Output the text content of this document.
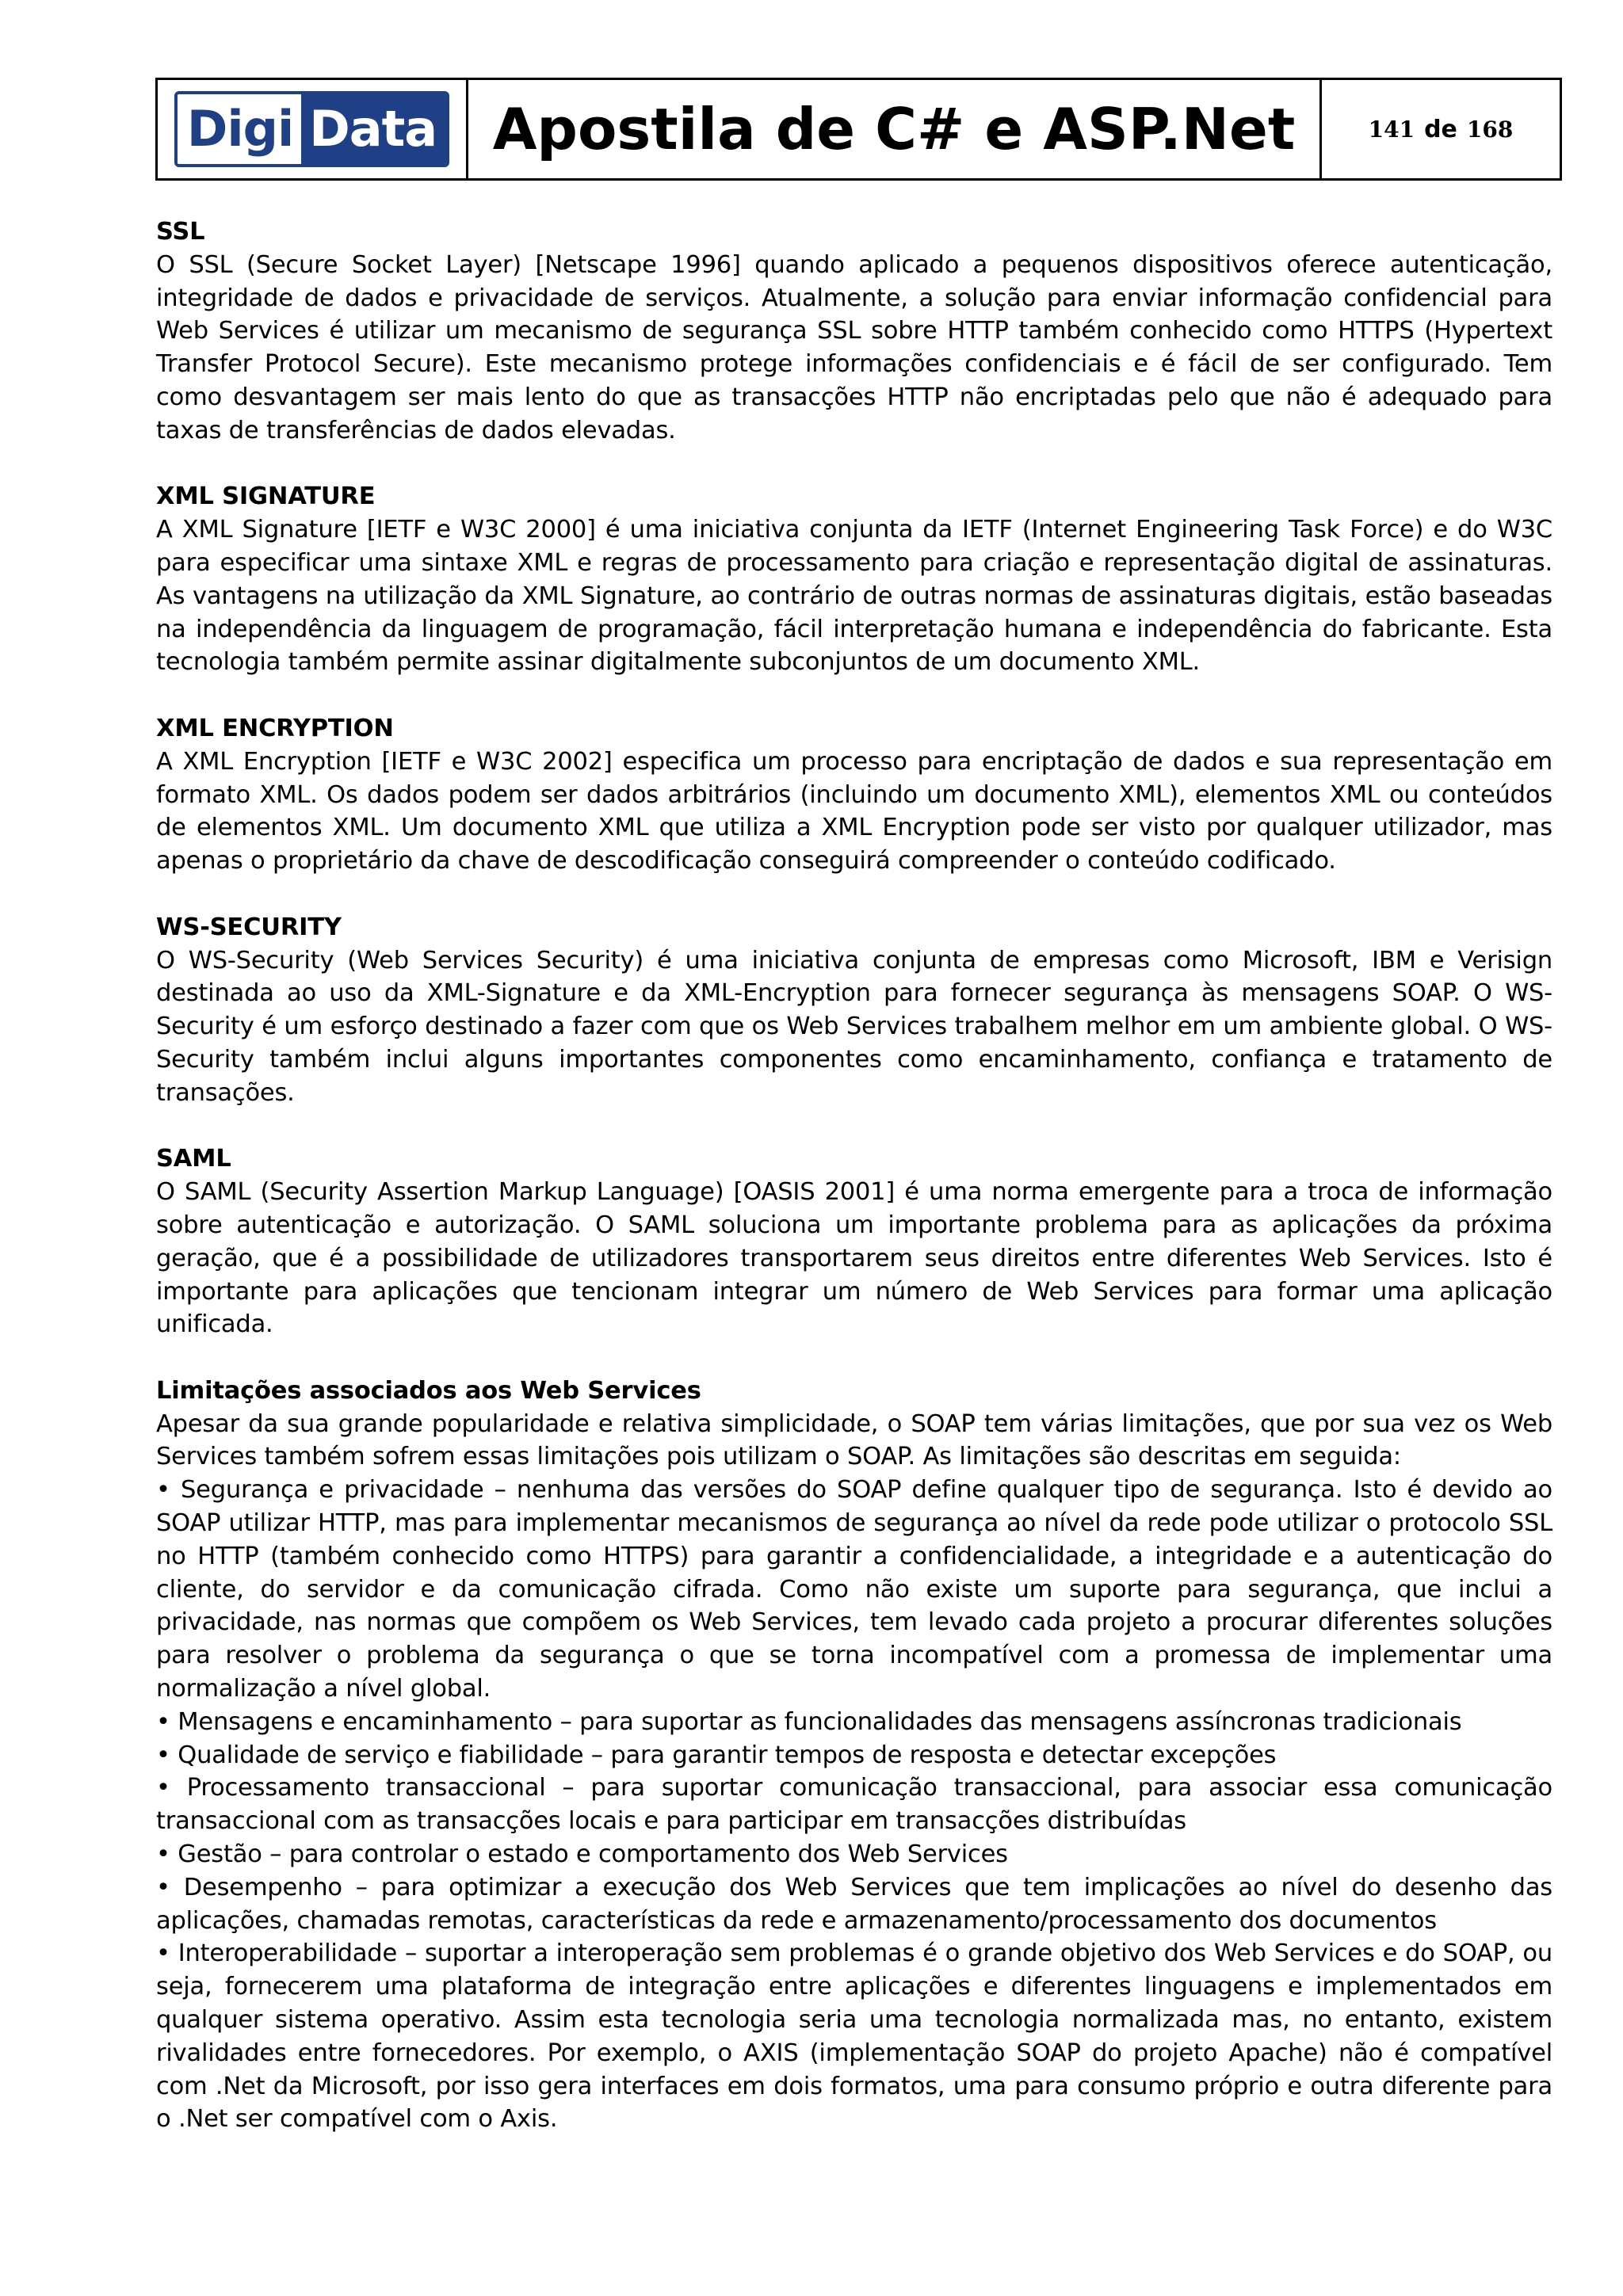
Digi Data Apostila de C# e ASP.Net	141 de 168
SSL
O SSL (Secure Socket Layer) [Netscape 1996] quando aplicado a pequenos dispositivos oferece autenticação, integridade de dados e privacidade de serviços. Atualmente, a solução para enviar informação confidencial para Web Services é utilizar um mecanismo de segurança SSL sobre HTTP também conhecido como HTTPS (Hypertext Transfer Protocol Secure). Este mecanismo protege informações confidenciais e é fácil de ser configurado. Tem como desvantagem ser mais lento do que as transacções HTTP não encriptadas pelo que não é adequado para taxas de transferências de dados elevadas.
XML SIGNATURE
A XML Signature [IETF e W3C 2000] é uma iniciativa conjunta da IETF (Internet Engineering Task Force) e do W3C para especificar uma sintaxe XML e regras de processamento para criação e representação digital de assinaturas. As vantagens na utilização da XML Signature, ao contrário de outras normas de assinaturas digitais, estão baseadas na independência da linguagem de programação, fácil interpretação humana e independência do fabricante. Esta tecnologia também permite assinar digitalmente subconjuntos de um documento XML.
XML ENCRYPTION
A XML Encryption [IETF e W3C 2002] especifica um processo para encriptação de dados e sua representação em formato XML. Os dados podem ser dados arbitrários (incluindo um documento XML), elementos XML ou conteúdos de elementos XML. Um documento XML que utiliza a XML Encryption pode ser visto por qualquer utilizador, mas apenas o proprietário da chave de descodificação conseguirá compreender o conteúdo codificado.
WS-SECURITY
O WS-Security (Web Services Security) é uma iniciativa conjunta de empresas como Microsoft, IBM e Verisign destinada ao uso da XML-Signature e da XML-Encryption para fornecer segurança às mensagens SOAP. O WS-Security é um esforço destinado a fazer com que os Web Services trabalhem melhor em um ambiente global. O WS-Security também inclui alguns importantes componentes como encaminhamento, confiança e tratamento de transações.
SAML
O SAML (Security Assertion Markup Language) [OASIS 2001] é uma norma emergente para a troca de informação sobre autenticação e autorização. O SAML soluciona um importante problema para as aplicações da próxima geração, que é a possibilidade de utilizadores transportarem seus direitos entre diferentes Web Services. Isto é importante para aplicações que tencionam integrar um número de Web Services para formar uma aplicação unificada.
Limitações associados aos Web Services
Apesar da sua grande popularidade e relativa simplicidade, o SOAP tem várias limitações, que por sua vez os Web Services também sofrem essas limitações pois utilizam o SOAP. As limitações são descritas em seguida:
• Segurança e privacidade – nenhuma das versões do SOAP define qualquer tipo de segurança. Isto é devido ao SOAP utilizar HTTP, mas para implementar mecanismos de segurança ao nível da rede pode utilizar o protocolo SSL no HTTP (também conhecido como HTTPS) para garantir a confidencialidade, a integridade e a autenticação do cliente, do servidor e da comunicação cifrada. Como não existe um suporte para segurança, que inclui a privacidade, nas normas que compõem os Web Services, tem levado cada projeto a procurar diferentes soluções para resolver o problema da segurança o que se torna incompatível com a promessa de implementar uma normalização a nível global.
• Mensagens e encaminhamento – para suportar as funcionalidades das mensagens assíncronas tradicionais
• Qualidade de serviço e fiabilidade – para garantir tempos de resposta e detectar excepções
• Processamento transaccional – para suportar comunicação transaccional, para associar essa comunicação transaccional com as transacções locais e para participar em transacções distribuídas
• Gestão – para controlar o estado e comportamento dos Web Services
• Desempenho – para optimizar a execução dos Web Services que tem implicações ao nível do desenho das aplicações, chamadas remotas, características da rede e armazenamento/processamento dos documentos
• Interoperabilidade – suportar a interoperação sem problemas é o grande objetivo dos Web Services e do SOAP, ou seja, fornecerem uma plataforma de integração entre aplicações e diferentes linguagens e implementados em qualquer sistema operativo. Assim esta tecnologia seria uma tecnologia normalizada mas, no entanto, existem rivalidades entre fornecedores. Por exemplo, o AXIS (implementação SOAP do projeto Apache) não é compatível com .Net da Microsoft, por isso gera interfaces em dois formatos, uma para consumo próprio e outra diferente para o .Net ser compatível com o Axis.
